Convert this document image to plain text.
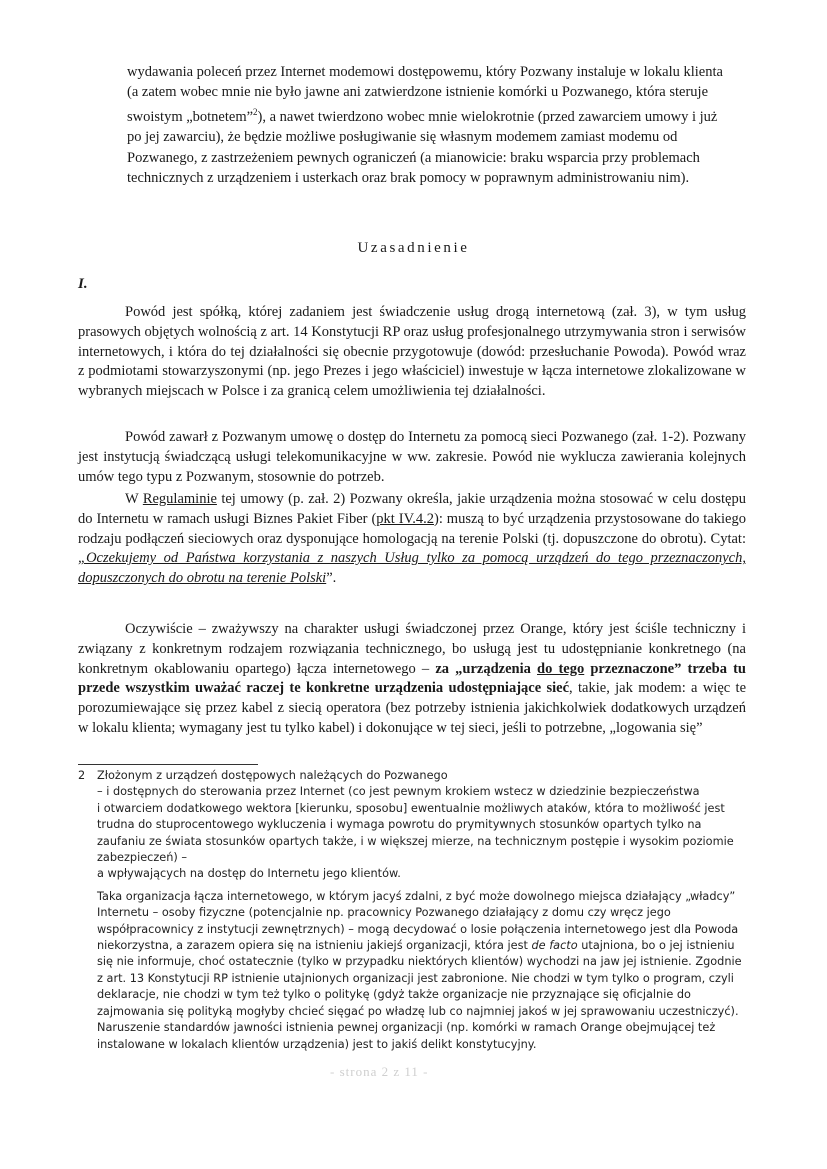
wydawania poleceń przez Internet modemowi dostępowemu, który Pozwany instaluje w lokalu klienta (a zatem wobec mnie nie było jawne ani zatwierdzone istnienie komórki u Pozwanego, która steruje swoistym „botnetem”$^2$), a nawet twierdzono wobec mnie wielokrotnie (przed zawarciem umowy i już po jej zawarciu), że będzie możliwe posługiwanie się własnym modemem zamiast modemu od Pozwanego, z zastrzeżeniem pewnych ograniczeń (a mianowicie: braku wsparcia przy problemach technicznych z urządzeniem i usterkach oraz brak pomocy w poprawnym administrowaniu nim).
Uzasadnienie
I.

Powód jest spółką, której zadaniem jest świadczenie usług drogą internetową (zał. 3), w tym usług prasowych objętych wolnością z art. 14 Konstytucji RP oraz usług profesjonalnego utrzymywania stron i serwisów internetowych, i która do tej działalności się obecnie przygotowuje (dowód: przesłuchanie Powoda). Powód wraz z podmiotami stowarzyszonymi (np. jego Prezes i jego właściciel) inwestuje w łącza internetowe zlokalizowane w wybranych miejscach w Polsce i za granicą celem umożliwienia tej działalności.

Powód zawarł z Pozwanym umowę o dostęp do Internetu za pomocą sieci Pozwanego (zał. 1-2). Pozwany jest instytucją świadczącą usługi telekomunikacyjne w ww. zakresie. Powód nie wyklucza zawierania kolejnych umów tego typu z Pozwanym, stosownie do potrzeb.

W Regulaminie tej umowy (p. zał. 2) Pozwany określa, jakie urządzenia można stosować w celu dostępu do Internetu w ramach usługi Biznes Pakiet Fiber (pkt IV.4.2): muszą to być urządzenia przystosowane do takiego rodzaju podłączeń sieciowych oraz dysponujące homologacją na terenie Polski (tj. dopuszczone do obrotu). Cytat: „Oczekujemy od Państwa korzystania z naszych Usług tylko za pomocą urządzeń do tego przeznaczonych, dopuszczonych do obrotu na terenie Polski”.

Oczywiście – zważywszy na charakter usługi świadczonej przez Orange, który jest ściśle techniczny i związany z konkretnym rodzajem rozwiązania technicznego, bo usługą jest tu udostępnianie konkretnego (na konkretnym okablowaniu opartego) łącza internetowego – za „urządzenia do tego przeznaczone” trzeba tu przede wszystkim uważać raczej te konkretne urządzenia udostępniające sieć, takie, jak modem: a więc te porozumiewające się przez kabel z siecią operatora (bez potrzeby istnienia jakichkolwiek dodatkowych urządzeń w lokalu klienta; wymagany jest tu tylko kabel) i dokonujące w tej sieci, jeśli to potrzebne, „logowania się”

2 Złożonym z urządzeń dostępowych należących do Pozwanego
– i dostępnych do sterowania przez Internet (co jest pewnym krokiem wstecz w dziedzinie bezpieczeństwa
i otwarciem dodatkowego wektora [kierunku, sposobu] ewentualnie możliwych ataków, która to możliwość jest
trudna do stuprocentowego wykluczenia i wymaga powrotu do prymitywnych stosunków opartych tylko na
zaufaniu ze świata stosunków opartych także, i w większej mierze, na technicznym postępie i wysokim poziomie
zabezpieczeń) –
a wpływających na dostęp do Internetu jego klientów.
Taka organizacja łącza internetowego, w którym jacyś zdalni, z być może dowolnego miejsca działający „władcy” Internetu – osoby fizyczne (potencjalnie np. pracownicy Pozwanego działający z domu czy wręcz jego współpracownicy z instytucji zewnętrznych) – mogą decydować o losie połączenia internetowego jest dla Powoda niekorzystna, a zarazem opiera się na istnieniu jakiejś organizacji, która jest de facto utajniona, bo o jej istnieniu się nie informuje, choć ostatecznie (tylko w przypadku niektórych klientów) wychodzi na jaw jej istnienie. Zgodnie z art. 13 Konstytucji RP istnienie utajnionych organizacji jest zabronione. Nie chodzi w tym tylko o program, czyli deklaracje, nie chodzi w tym też tylko o politykę (gdyż także organizacje nie przyznające się oficjalnie do zajmowania się polityką mogłyby chcieć sięgać po władzę lub co najmniej jakoś w jej sprawowaniu uczestniczyć). Naruszenie standardów jawności istnienia pewnej organizacji (np. komórki w ramach Orange obejmującej też instalowane w lokalach klientów urządzenia) jest to jakiś delikt konstytucyjny.
- strona 2 z 11 -
